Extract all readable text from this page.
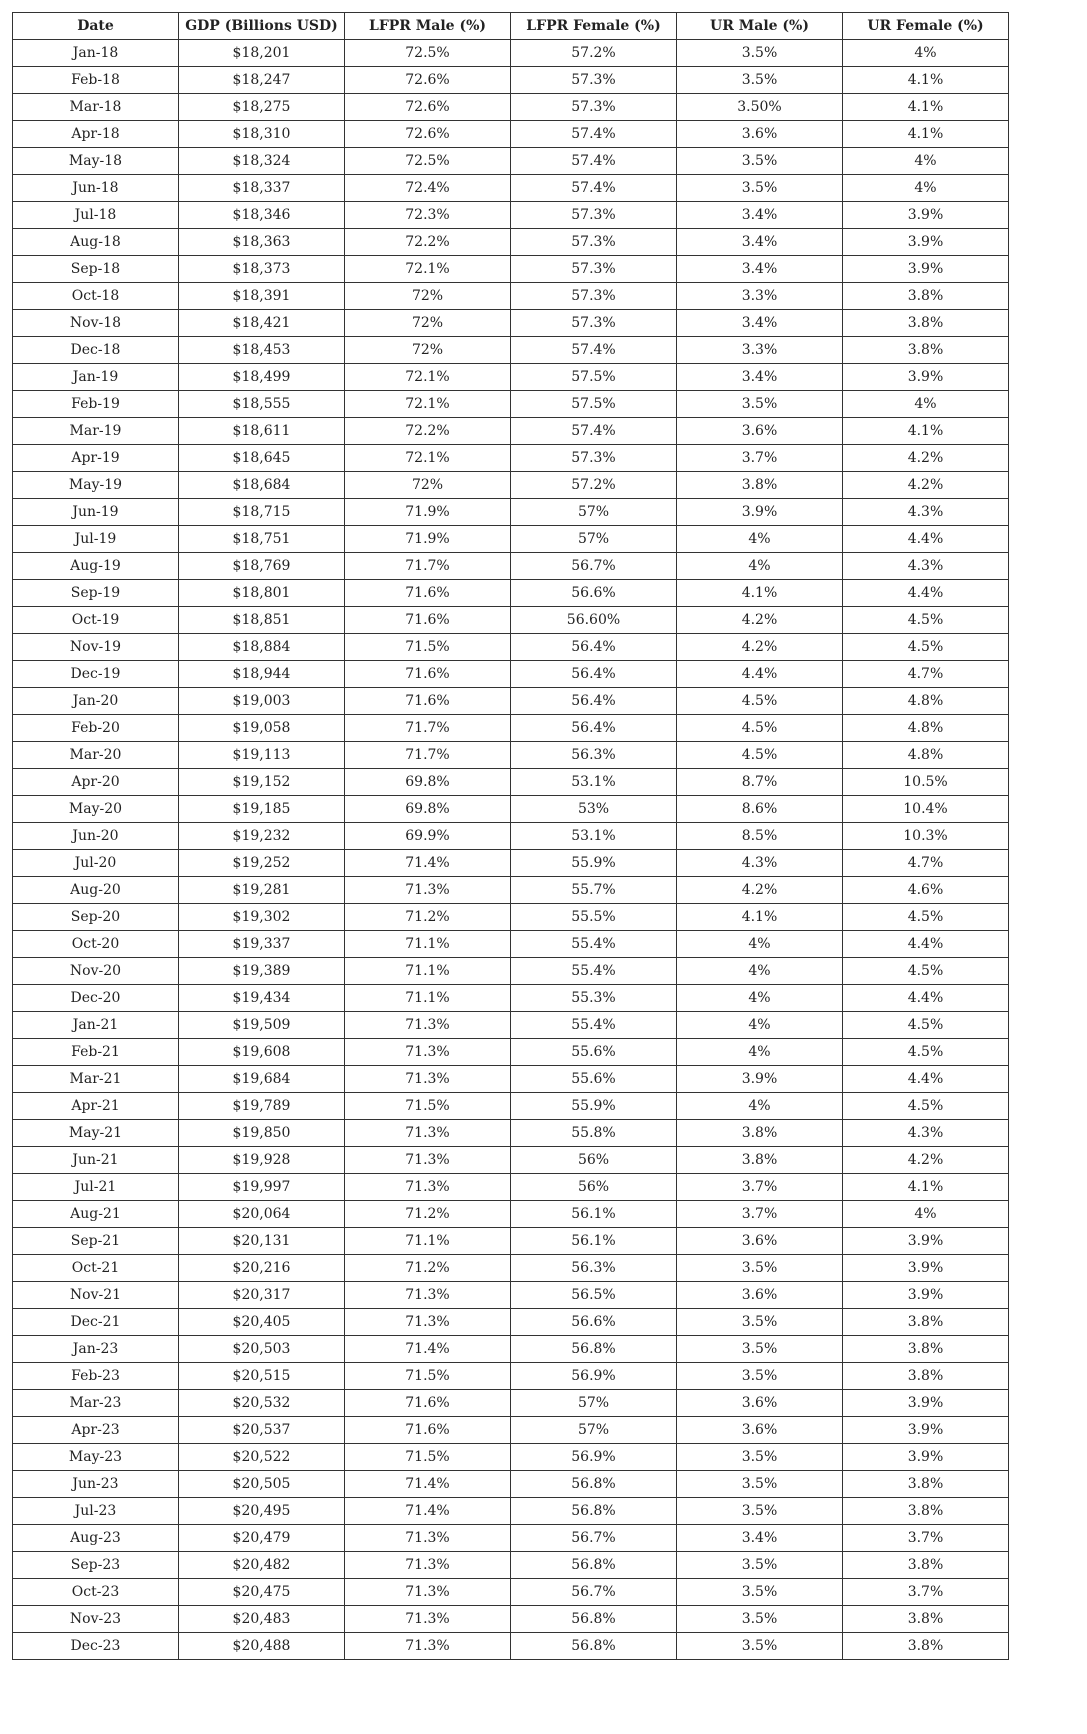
Date	GDP (Billions USD)	LFPR Male (%)	LFPR Female (%)	UR Male (%)	UR Female (%)
Jan-18	$18,201	72.5%	57.2%	3.5%	4%
Feb-18	$18,247	72.6%	57.3%	3.5%	4.1%
Mar-18	$18,275	72.6%	57.3%	3.50%	4.1%
Apr-18	$18,310	72.6%	57.4%	3.6%	4.1%
May-18	$18,324	72.5%	57.4%	3.5%	4%
Jun-18	$18,337	72.4%	57.4%	3.5%	4%
Jul-18	$18,346	72.3%	57.3%	3.4%	3.9%
Aug-18	$18,363	72.2%	57.3%	3.4%	3.9%
Sep-18	$18,373	72.1%	57.3%	3.4%	3.9%
Oct-18	$18,391	72%	57.3%	3.3%	3.8%
Nov-18	$18,421	72%	57.3%	3.4%	3.8%
Dec-18	$18,453	72%	57.4%	3.3%	3.8%
Jan-19	$18,499	72.1%	57.5%	3.4%	3.9%
Feb-19	$18,555	72.1%	57.5%	3.5%	4%
Mar-19	$18,611	72.2%	57.4%	3.6%	4.1%
Apr-19	$18,645	72.1%	57.3%	3.7%	4.2%
May-19	$18,684	72%	57.2%	3.8%	4.2%
Jun-19	$18,715	71.9%	57%	3.9%	4.3%
Jul-19	$18,751	71.9%	57%	4%	4.4%
Aug-19	$18,769	71.7%	56.7%	4%	4.3%
Sep-19	$18,801	71.6%	56.6%	4.1%	4.4%
Oct-19	$18,851	71.6%	56.60%	4.2%	4.5%
Nov-19	$18,884	71.5%	56.4%	4.2%	4.5%
Dec-19	$18,944	71.6%	56.4%	4.4%	4.7%
Jan-20	$19,003	71.6%	56.4%	4.5%	4.8%
Feb-20	$19,058	71.7%	56.4%	4.5%	4.8%
Mar-20	$19,113	71.7%	56.3%	4.5%	4.8%
Apr-20	$19,152	69.8%	53.1%	8.7%	10.5%
May-20	$19,185	69.8%	53%	8.6%	10.4%
Jun-20	$19,232	69.9%	53.1%	8.5%	10.3%
Jul-20	$19,252	71.4%	55.9%	4.3%	4.7%
Aug-20	$19,281	71.3%	55.7%	4.2%	4.6%
Sep-20	$19,302	71.2%	55.5%	4.1%	4.5%
Oct-20	$19,337	71.1%	55.4%	4%	4.4%
Nov-20	$19,389	71.1%	55.4%	4%	4.5%
Dec-20	$19,434	71.1%	55.3%	4%	4.4%
Jan-21	$19,509	71.3%	55.4%	4%	4.5%
Feb-21	$19,608	71.3%	55.6%	4%	4.5%
Mar-21	$19,684	71.3%	55.6%	3.9%	4.4%
Apr-21	$19,789	71.5%	55.9%	4%	4.5%
May-21	$19,850	71.3%	55.8%	3.8%	4.3%
Jun-21	$19,928	71.3%	56%	3.8%	4.2%
Jul-21	$19,997	71.3%	56%	3.7%	4.1%
Aug-21	$20,064	71.2%	56.1%	3.7%	4%
Sep-21	$20,131	71.1%	56.1%	3.6%	3.9%
Oct-21	$20,216	71.2%	56.3%	3.5%	3.9%
Nov-21	$20,317	71.3%	56.5%	3.6%	3.9%
Dec-21	$20,405	71.3%	56.6%	3.5%	3.8%
Jan-23	$20,503	71.4%	56.8%	3.5%	3.8%
Feb-23	$20,515	71.5%	56.9%	3.5%	3.8%
Mar-23	$20,532	71.6%	57%	3.6%	3.9%
Apr-23	$20,537	71.6%	57%	3.6%	3.9%
May-23	$20,522	71.5%	56.9%	3.5%	3.9%
Jun-23	$20,505	71.4%	56.8%	3.5%	3.8%
Jul-23	$20,495	71.4%	56.8%	3.5%	3.8%
Aug-23	$20,479	71.3%	56.7%	3.4%	3.7%
Sep-23	$20,482	71.3%	56.8%	3.5%	3.8%
Oct-23	$20,475	71.3%	56.7%	3.5%	3.7%
Nov-23	$20,483	71.3%	56.8%	3.5%	3.8%
Dec-23	$20,488	71.3%	56.8%	3.5%	3.8%
